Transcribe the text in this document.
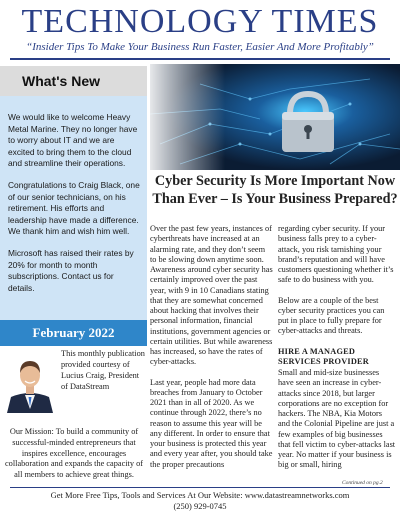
TECHNOLOGY TIMES
“Insider Tips To Make Your Business Run Faster, Easier And More Profitably”
What's New

We would like to welcome Heavy Metal Marine. They no longer have to worry about IT and we are excited to bring them to the cloud and streamline their operations.

Congratulations to Craig Black, one of our senior technicians, on his retirement. His efforts and leadership have made a difference. We thank him and wish him well.

Microsoft has raised their rates by 20% for month to month subscriptions. Contact us for details.

February 2022
This monthly publication provided courtesy of Lucius Craig, President of DataStream
Our Mission: To build a community of successful-minded entrepreneurs that inspires excellence, encourages collaboration and expands the capacity of all members to achieve great things.
Cyber Security Is More Important Now Than Ever – Is Your Business Prepared?

Over the past few years, instances of cyberthreats have increased at an alarming rate, and they don’t seem to be slowing down anytime soon. Awareness around cyber security has certainly improved over the past year, with 9 in 10 Canadians stating that they are somewhat concerned about hacking that involves their personal information, financial institutions, government agencies or certain utilities. But while awareness has increased, so have the rates of cyber-attacks.

Last year, people had more data breaches from January to October 2021 than in all of 2020. As we continue through 2022, there’s no reason to assume this year will be any different. In order to ensure that your business is protected this year and every year after, you should take the proper precautions

regarding cyber security. If your business falls prey to a cyber-attack, you risk tarnishing your brand’s reputation and will have customers questioning whether it’s safe to do business with you.

Below are a couple of the best cyber security practices you can put in place to fully prepare for cyber-attacks and threats.

HIRE A MANAGED SERVICES PROVIDER

Small and mid-size businesses have seen an increase in cyber-attacks since 2018, but larger corporations are no exception for hackers. The NBA, Kia Motors and the Colonial Pipeline are just a few examples of big businesses that fell victim to cyber-attacks last year. No matter if your business is big or small, hiring

Continued on pg.2
Get More Free Tips, Tools and Services At Our Website: www.datastreamnetworks.com
(250) 929-0745
